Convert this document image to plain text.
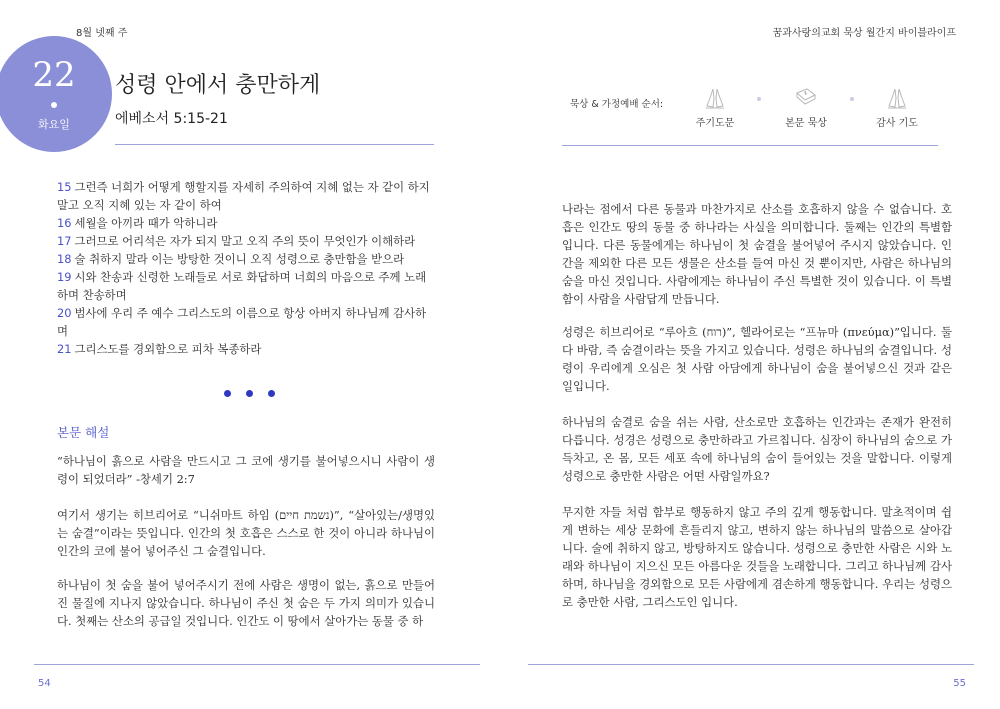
8월 넷째 주	꿈과사랑의교회 묵상 월간지 바이블라이프
22
화요일
성령 안에서 충만하게
에베소서 5:15-21
15 그런즉 너희가 어떻게 행할지를 자세히 주의하여 지혜 없는 자 같이 하지 말고 오직 지혜 있는 자 같이 하여
16 세월을 아끼라 때가 악하니라
17 그러므로 어리석은 자가 되지 말고 오직 주의 뜻이 무엇인가 이해하라
18 술 취하지 말라 이는 방탕한 것이니 오직 성령으로 충만함을 받으라
19 시와 찬송과 신령한 노래들로 서로 화답하며 너희의 마음으로 주께 노래하며 찬송하며
20 범사에 우리 주 예수 그리스도의 이름으로 항상 아버지 하나님께 감사하며
21 그리스도를 경외함으로 피차 복종하라
본문 해설
“하나님이 흙으로 사람을 만드시고 그 코에 생기를 불어넣으시니 사람이 생령이 되었더라” -창세기 2:7
여기서 생기는 히브리어로 “니쉬마트 하임 (נשמת חיים)”, “살아있는/생명있는 숨결”이라는 뜻입니다. 인간의 첫 호흡은 스스로 한 것이 아니라 하나님이 인간의 코에 불어 넣어주신 그 숨결입니다.
하나님이 첫 숨을 불어 넣어주시기 전에 사람은 생명이 없는, 흙으로 만들어진 물질에 지나지 않았습니다. 하나님이 주신 첫 숨은 두 가지 의미가 있습니다. 첫째는 산소의 공급일 것입니다. 인간도 이 땅에서 살아가는 동물 중 하
묵상 & 가정예배 순서:
주기도문	본문 묵상	감사 기도
나라는 점에서 다른 동물과 마찬가지로 산소를 호흡하지 않을 수 없습니다. 호흡은 인간도 땅의 동물 중 하나라는 사실을 의미합니다. 둘째는 인간의 특별함입니다. 다른 동물에게는 하나님이 첫 숨결을 불어넣어 주시지 않았습니다. 인간을 제외한 다른 모든 생물은 산소를 들여 마신 것 뿐이지만, 사람은 하나님의 숨을 마신 것입니다. 사람에게는 하나님이 주신 특별한 것이 있습니다. 이 특별함이 사람을 사람답게 만듭니다.
성령은 히브리어로 “루아흐 (רוח)”, 헬라어로는 “프뉴마 (πνεύμα)”입니다. 둘 다 바람, 즉 숨결이라는 뜻을 가지고 있습니다. 성령은 하나님의 숨결입니다. 성령이 우리에게 오심은 첫 사람 아담에게 하나님이 숨을 불어넣으신 것과 같은 일입니다.
하나님의 숨결로 숨을 쉬는 사람, 산소로만 호흡하는 인간과는 존재가 완전히 다릅니다. 성경은 성령으로 충만하라고 가르칩니다. 심장이 하나님의 숨으로 가득차고, 온 몸, 모든 세포 속에 하나님의 숨이 들어있는 것을 말합니다. 이렇게 성령으로 충만한 사람은 어떤 사람일까요?
무지한 자들 처럼 함부로 행동하지 않고 주의 깊게 행동합니다. 말초적이며 쉽게 변하는 세상 문화에 흔들리지 않고, 변하지 않는 하나님의 말씀으로 살아갑니다. 술에 취하지 않고, 방탕하지도 않습니다. 성령으로 충만한 사람은 시와 노래와 하나님이 지으신 모든 아름다운 것들을 노래합니다. 그리고 하나님께 감사하며, 하나님을 경외함으로 모든 사람에게 겸손하게 행동합니다. 우리는 성령으로 충만한 사람, 그리스도인 입니다.
54	55
